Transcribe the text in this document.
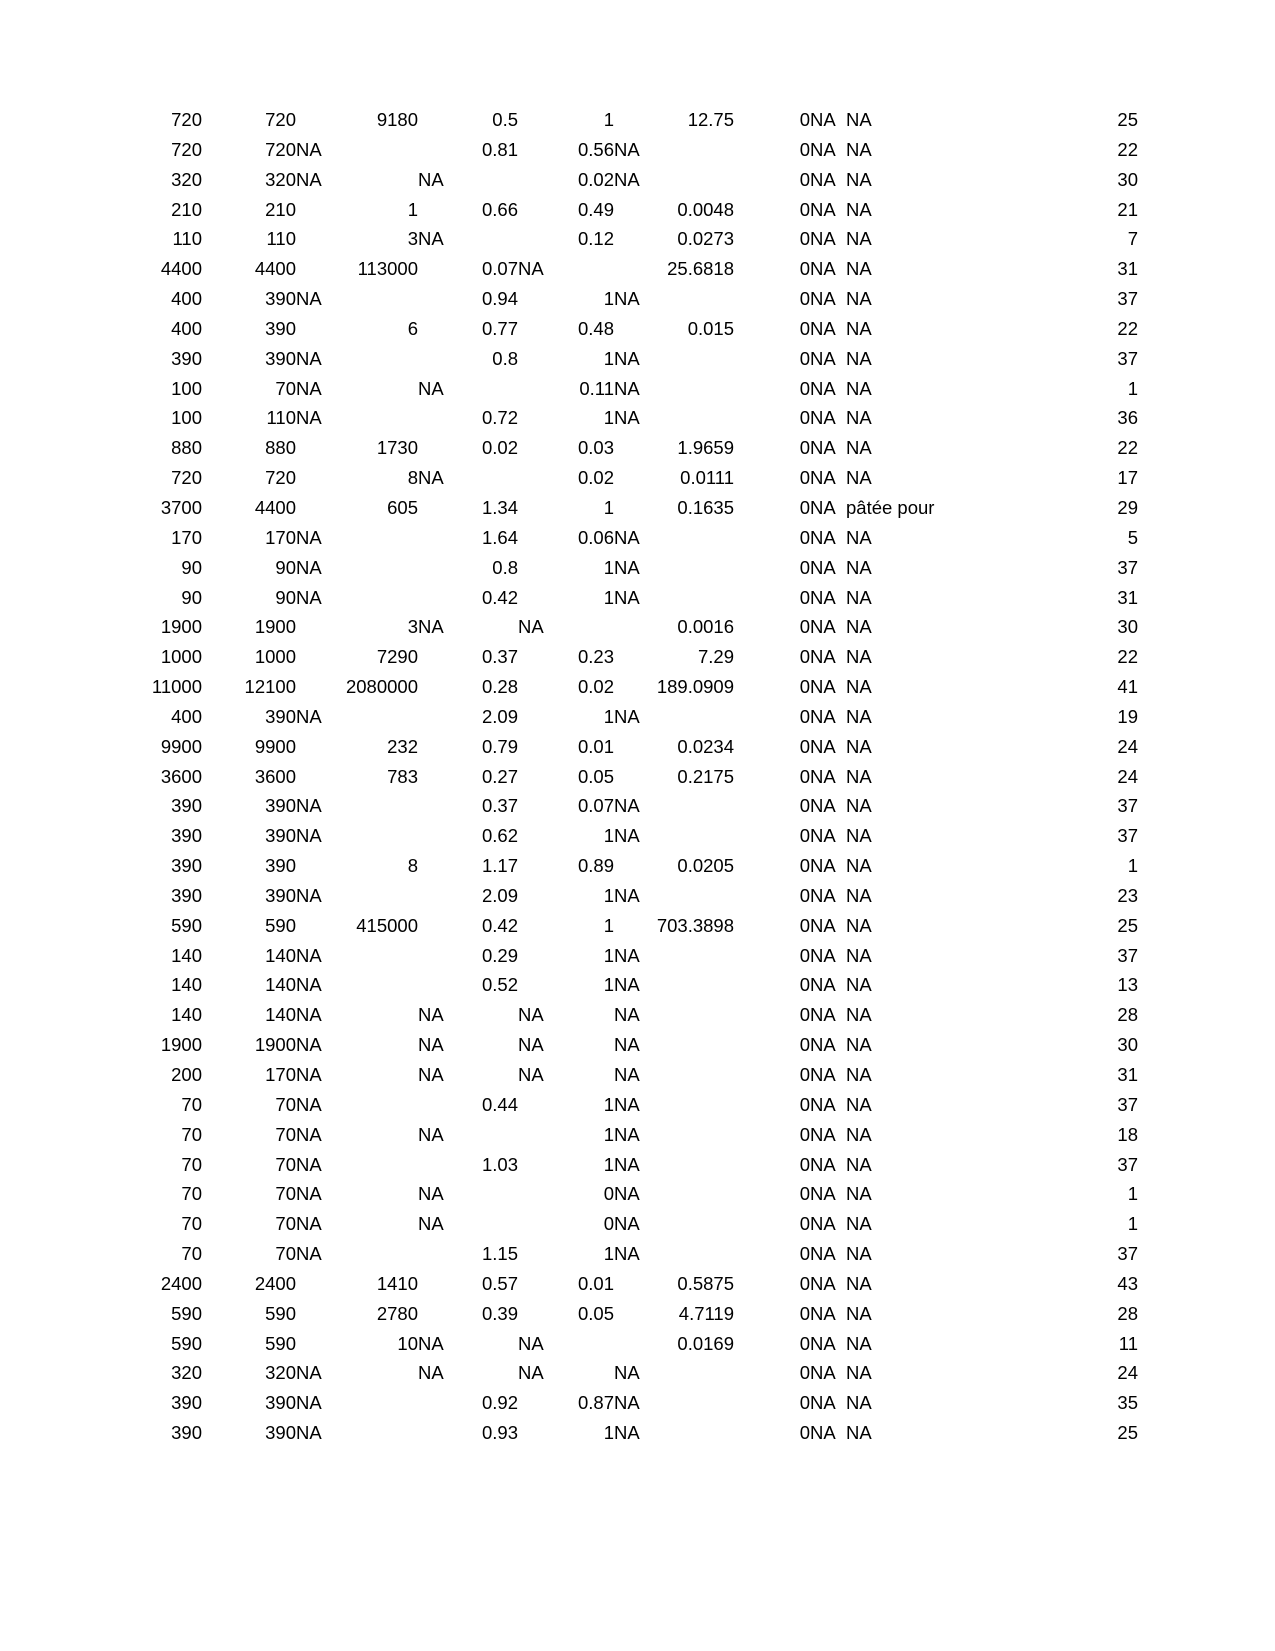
720		720		9180		0.5		1		12.75		0	NA	NA	25
720		720	NA			0.81		0.56	NA			0	NA	NA	22
320		320	NA		NA			0.02	NA			0	NA	NA	30
210		210		1		0.66		0.49		0.0048		0	NA	NA	21
110		110		3	NA			0.12		0.0273		0	NA	NA	7
4400		4400		113000		0.07	NA			25.6818		0	NA	NA	31
400		390	NA			0.94		1	NA			0	NA	NA	37
400		390		6		0.77		0.48		0.015		0	NA	NA	22
390		390	NA			0.8		1	NA			0	NA	NA	37
100		70	NA		NA			0.11	NA			0	NA	NA	1
100		110	NA			0.72		1	NA			0	NA	NA	36
880		880		1730		0.02		0.03		1.9659		0	NA	NA	22
720		720		8	NA			0.02		0.0111		0	NA	NA	17
3700		4400		605		1.34		1		0.1635		0	NA	pâtée pour	29
170		170	NA			1.64		0.06	NA			0	NA	NA	5
90		90	NA			0.8		1	NA			0	NA	NA	37
90		90	NA			0.42		1	NA			0	NA	NA	31
1900		1900		3	NA		NA			0.0016		0	NA	NA	30
1000		1000		7290		0.37		0.23		7.29		0	NA	NA	22
11000		12100		2080000		0.28		0.02		189.0909		0	NA	NA	41
400		390	NA			2.09		1	NA			0	NA	NA	19
9900		9900		232		0.79		0.01		0.0234		0	NA	NA	24
3600		3600		783		0.27		0.05		0.2175		0	NA	NA	24
390		390	NA			0.37		0.07	NA			0	NA	NA	37
390		390	NA			0.62		1	NA			0	NA	NA	37
390		390		8		1.17		0.89		0.0205		0	NA	NA	1
390		390	NA			2.09		1	NA			0	NA	NA	23
590		590		415000		0.42		1		703.3898		0	NA	NA	25
140		140	NA			0.29		1	NA			0	NA	NA	37
140		140	NA			0.52		1	NA			0	NA	NA	13
140		140	NA		NA		NA		NA			0	NA	NA	28
1900		1900	NA		NA		NA		NA			0	NA	NA	30
200		170	NA		NA		NA		NA			0	NA	NA	31
70		70	NA			0.44		1	NA			0	NA	NA	37
70		70	NA		NA			1	NA			0	NA	NA	18
70		70	NA			1.03		1	NA			0	NA	NA	37
70		70	NA		NA			0	NA			0	NA	NA	1
70		70	NA		NA			0	NA			0	NA	NA	1
70		70	NA			1.15		1	NA			0	NA	NA	37
2400		2400		1410		0.57		0.01		0.5875		0	NA	NA	43
590		590		2780		0.39		0.05		4.7119		0	NA	NA	28
590		590		10	NA		NA			0.0169		0	NA	NA	11
320		320	NA		NA		NA		NA			0	NA	NA	24
390		390	NA			0.92		0.87	NA			0	NA	NA	35
390		390	NA			0.93		1	NA			0	NA	NA	25
